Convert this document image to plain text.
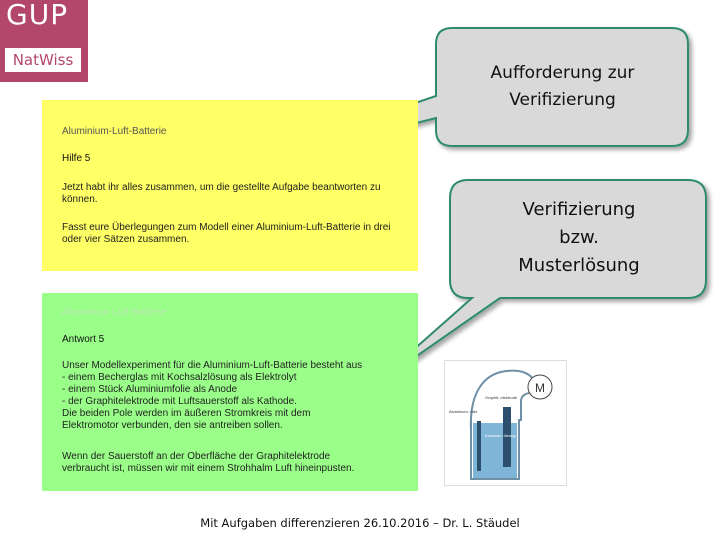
GUP
NatWiss
Aufforderung zur
Verifizierung
Verifizierung
bzw.
Musterlösung
Aluminium-Luft-Batterie
Hilfe 5
Jetzt habt ihr alles zusammen, um die gestellte Aufgabe beantworten zu können.
Fasst eure Überlegungen zum Modell einer Aluminium-Luft-Batterie in drei oder vier Sätzen zusammen.
Aluminium-Luft-Batterie
Antwort 5
Unser Modellexperiment für die Aluminium-Luft-Batterie besteht aus
- einem Becherglas mit Kochsalzlösung als Elektrolyt
- einem Stück Aluminiumfolie als Anode
- der Graphitelektrode mit Luftsauerstoff als Kathode.
Die beiden Pole werden im äußeren Stromkreis mit dem
Elektromotor verbunden, den sie antreiben sollen.
Wenn der Sauerstoff an der Oberfläche der Graphitelektrode
verbraucht ist, müssen wir mit einem Strohhalm Luft hineinpusten.
M
Graphit- elektrode
Aluminium- folie
Kochsalz- lösung
Mit Aufgaben differenzieren 26.10.2016 – Dr. L. Stäudel
